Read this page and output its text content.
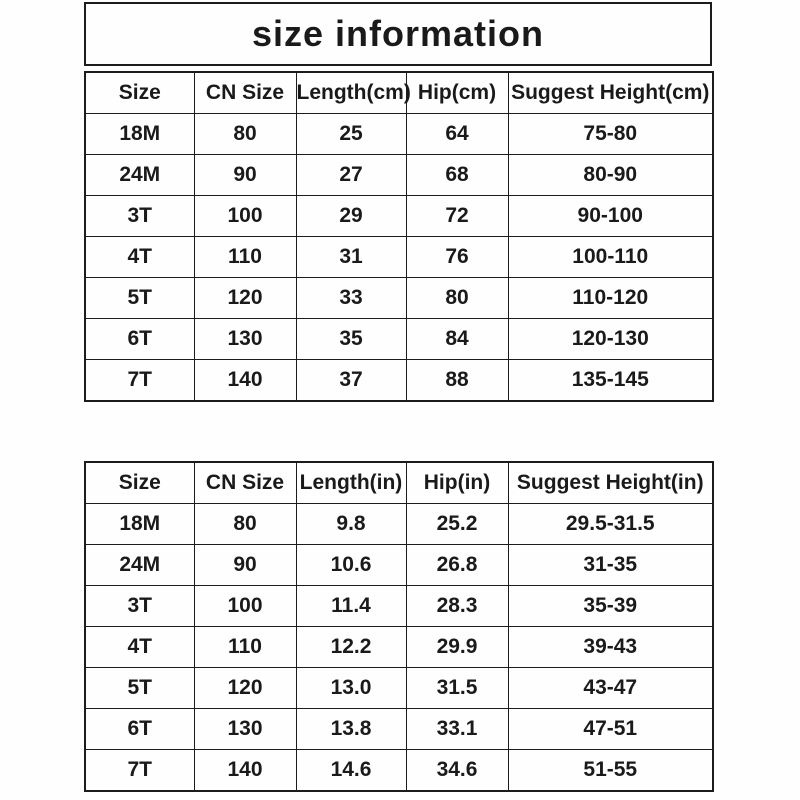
size information
Size	CN Size	Length(cm)	Hip(cm)	Suggest Height(cm)
18M	80	25	64	75-80
24M	90	27	68	80-90
3T	100	29	72	90-100
4T	110	31	76	100-110
5T	120	33	80	110-120
6T	130	35	84	120-130
7T	140	37	88	135-145
Size	CN Size	Length(in)	Hip(in)	Suggest Height(in)
18M	80	9.8	25.2	29.5-31.5
24M	90	10.6	26.8	31-35
3T	100	11.4	28.3	35-39
4T	110	12.2	29.9	39-43
5T	120	13.0	31.5	43-47
6T	130	13.8	33.1	47-51
7T	140	14.6	34.6	51-55
